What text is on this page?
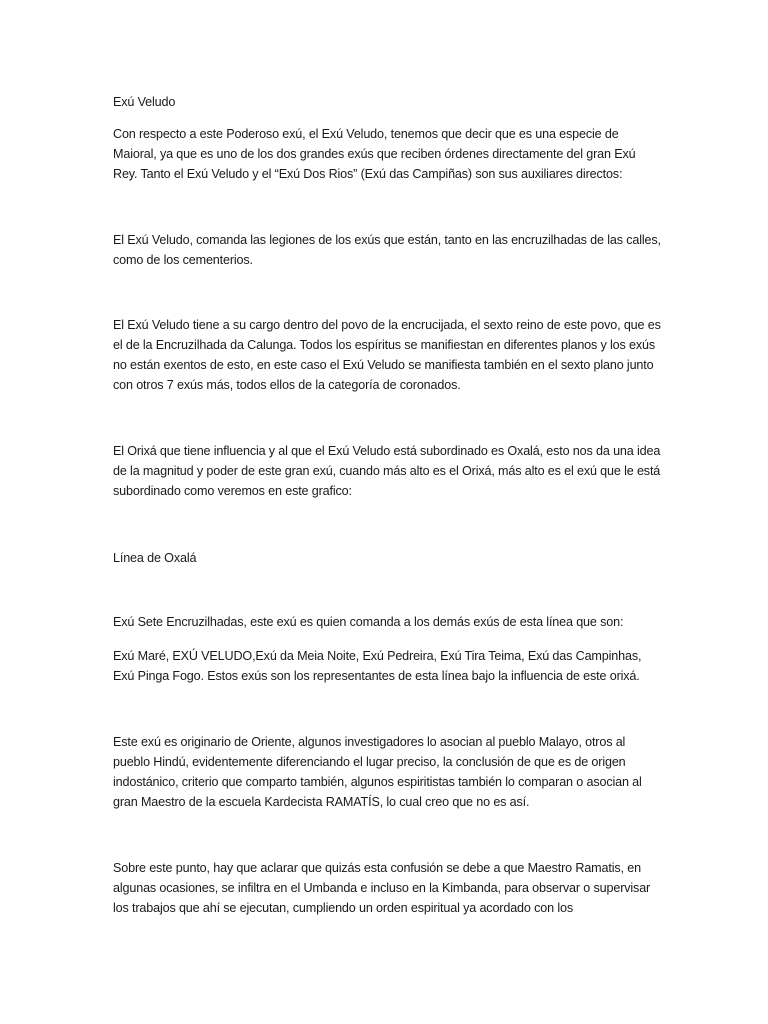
Exú Veludo

Con respecto a este Poderoso exú, el Exú Veludo, tenemos que decir que es una especie de Maioral, ya que es uno de los dos grandes exús que reciben órdenes directamente del gran Exú Rey. Tanto el Exú Veludo y el “Exú Dos Rios” (Exú das Campiñas) son sus auxiliares directos:

El Exú Veludo, comanda las legiones de los exús que están, tanto en las encruzilhadas de las calles, como de los cementerios.

El Exú Veludo tiene a su cargo dentro del povo de la encrucijada, el sexto reino de este povo, que es el de la Encruzilhada da Calunga. Todos los espíritus se manifiestan en diferentes planos y los exús no están exentos de esto, en este caso el Exú Veludo se manifiesta también en el sexto plano junto con otros 7 exús más, todos ellos de la categoría de coronados.

El Orixá que tiene influencia y al que el Exú Veludo está subordinado es Oxalá, esto nos da una idea de la magnitud y poder de este gran exú, cuando más alto es el Orixá, más alto es el exú que le está subordinado como veremos en este grafico:

Línea de Oxalá

Exú Sete Encruzilhadas, este exú es quien comanda a los demás exús de esta línea que son:

Exú Maré, EXÚ VELUDO,Exú da Meia Noite, Exú Pedreira, Exú Tira Teima, Exú das Campinhas, Exú Pinga Fogo. Estos exús son los representantes de esta línea bajo la influencia de este orixá.

Este exú es originario de Oriente, algunos investigadores lo asocian al pueblo Malayo, otros al pueblo Hindú, evidentemente diferenciando el lugar preciso, la conclusión de que es de origen indostánico, criterio que comparto también, algunos espiritistas también lo comparan o asocian al gran Maestro de la escuela Kardecista RAMATÍS, lo cual creo que no es así.

Sobre este punto, hay que aclarar que quizás esta confusión se debe a que Maestro Ramatis, en algunas ocasiones, se infiltra en el Umbanda e incluso en la Kimbanda, para observar o supervisar los trabajos que ahí se ejecutan, cumpliendo un orden espiritual ya acordado con los
